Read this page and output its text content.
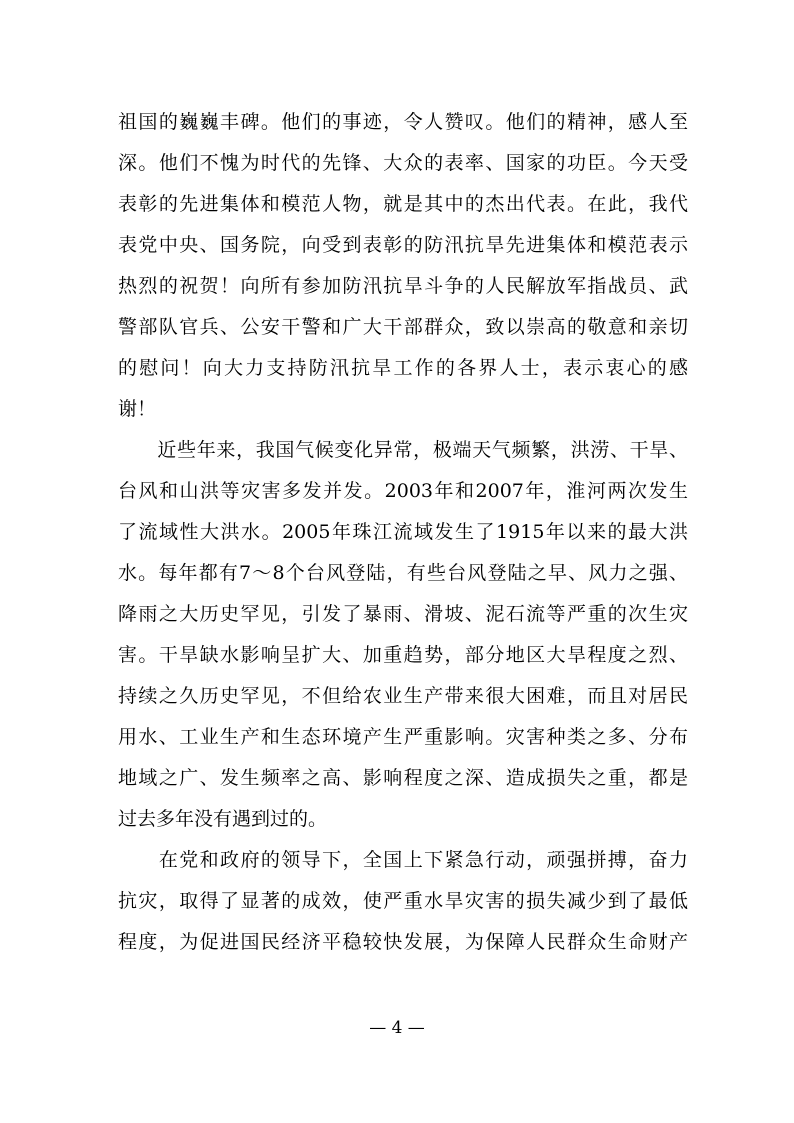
祖国的巍巍丰碑。他们的事迹，令人赞叹。他们的精神，感人至
深。他们不愧为时代的先锋、大众的表率、国家的功臣。今天受
表彰的先进集体和模范人物，就是其中的杰出代表。在此，我代
表党中央、国务院，向受到表彰的防汛抗旱先进集体和模范表示
热烈的祝贺！向所有参加防汛抗旱斗争的人民解放军指战员、武
警部队官兵、公安干警和广大干部群众，致以崇高的敬意和亲切
的慰问！向大力支持防汛抗旱工作的各界人士，表示衷心的感
谢！
　　近些年来，我国气候变化异常，极端天气频繁，洪涝、干旱、
台风和山洪等灾害多发并发。2003年和2007年，淮河两次发生
了流域性大洪水。2005年珠江流域发生了1915年以来的最大洪
水。每年都有7～8个台风登陆，有些台风登陆之早、风力之强、
降雨之大历史罕见，引发了暴雨、滑坡、泥石流等严重的次生灾
害。干旱缺水影响呈扩大、加重趋势，部分地区大旱程度之烈、
持续之久历史罕见，不但给农业生产带来很大困难，而且对居民
用水、工业生产和生态环境产生严重影响。灾害种类之多、分布
地域之广、发生频率之高、影响程度之深、造成损失之重，都是
过去多年没有遇到过的。
　　在党和政府的领导下，全国上下紧急行动，顽强拼搏，奋力
抗灾，取得了显著的成效，使严重水旱灾害的损失减少到了最低
程度，为促进国民经济平稳较快发展，为保障人民群众生命财产
— 4 —
